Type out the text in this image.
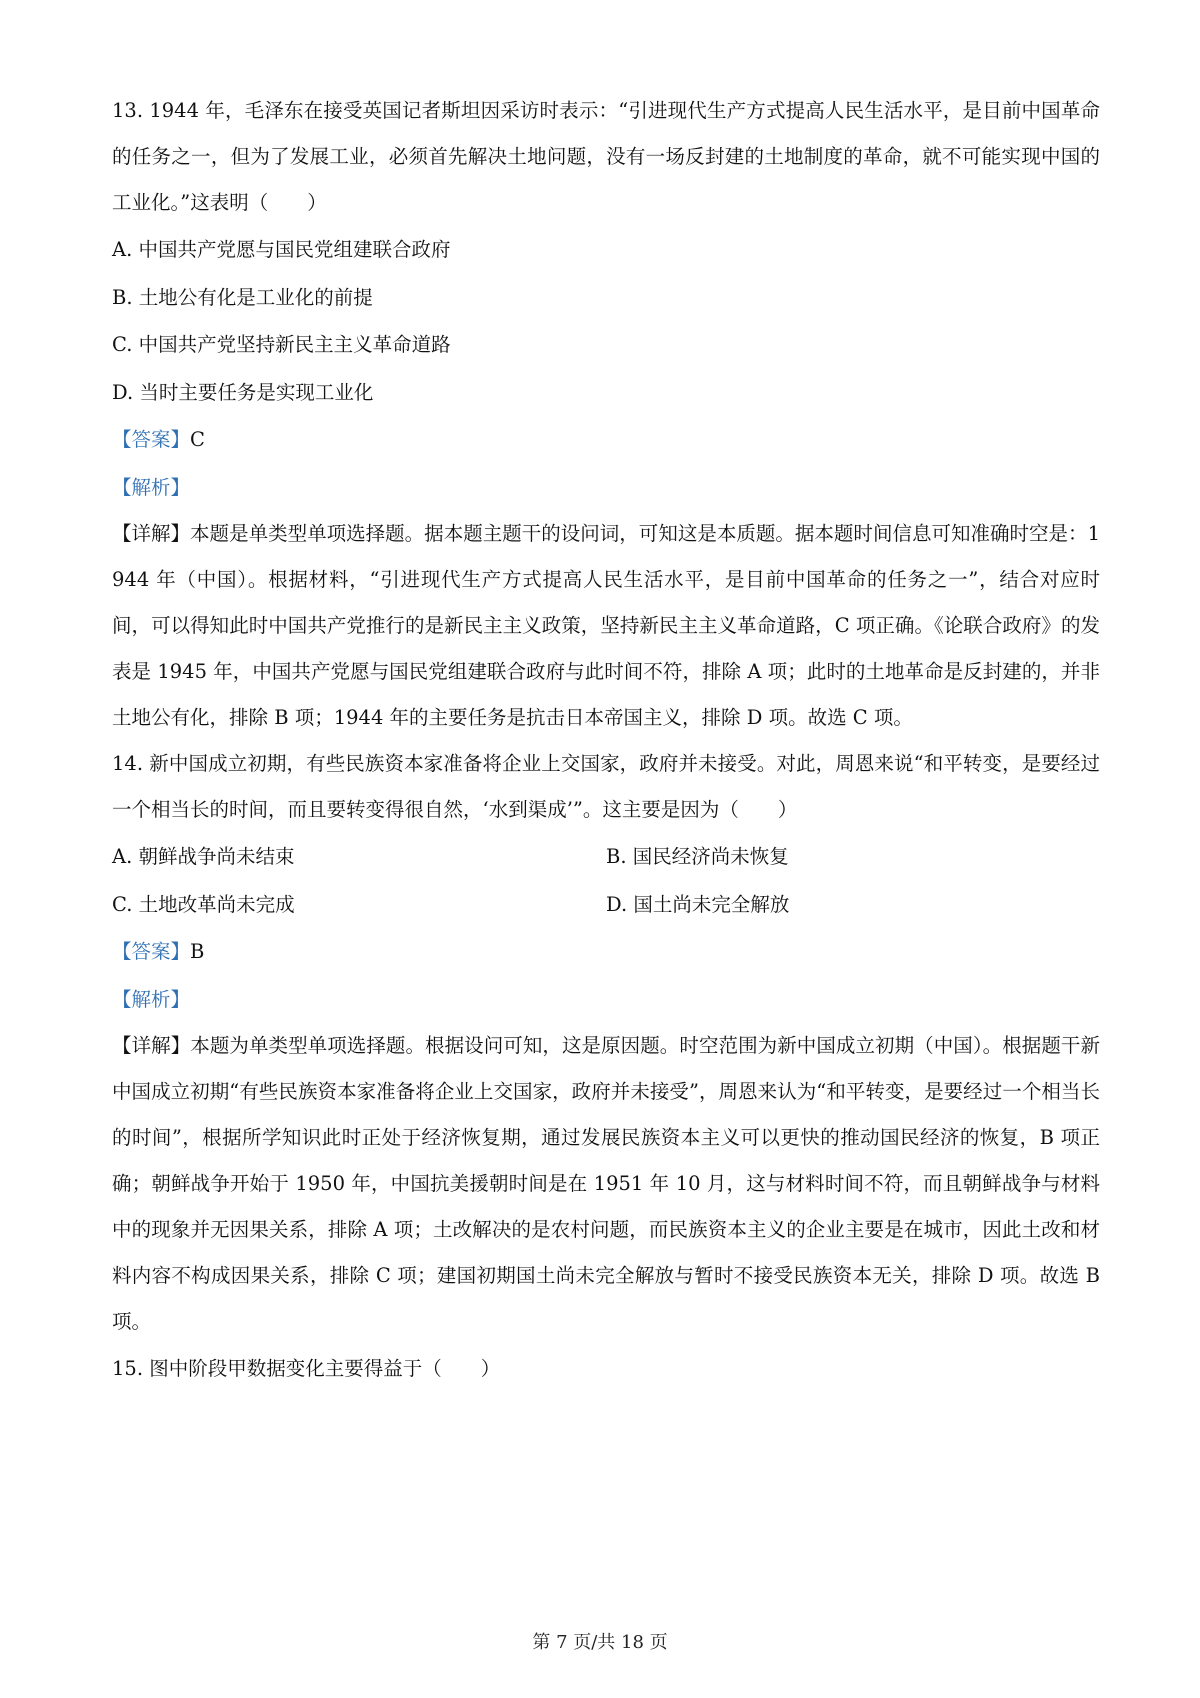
13. 1944 年，毛泽东在接受英国记者斯坦因采访时表示：“引进现代生产方式提高人民生活水平，是目前中国革命的任务之一，但为了发展工业，必须首先解决土地问题，没有一场反封建的土地制度的革命，就不可能实现中国的工业化。”这表明（　　）

A. 中国共产党愿与国民党组建联合政府

B. 土地公有化是工业化的前提

C. 中国共产党坚持新民主主义革命道路

D. 当时主要任务是实现工业化

【答案】C

【解析】

【详解】本题是单类型单项选择题。据本题主题干的设问词，可知这是本质题。据本题时间信息可知准确时空是：1944 年（中国）。根据材料，“引进现代生产方式提高人民生活水平，是目前中国革命的任务之一”，结合对应时间，可以得知此时中国共产党推行的是新民主主义政策，坚持新民主主义革命道路，C 项正确。《论联合政府》的发表是 1945 年，中国共产党愿与国民党组建联合政府与此时间不符，排除 A 项；此时的土地革命是反封建的，并非土地公有化，排除 B 项；1944 年的主要任务是抗击日本帝国主义，排除 D 项。故选 C 项。

14. 新中国成立初期，有些民族资本家准备将企业上交国家，政府并未接受。对此，周恩来说“和平转变，是要经过一个相当长的时间，而且要转变得很自然，‘水到渠成’”。这主要是因为（　　）

A. 朝鲜战争尚未结束	B. 国民经济尚未恢复

C. 土地改革尚未完成	D. 国土尚未完全解放

【答案】B

【解析】

【详解】本题为单类型单项选择题。根据设问可知，这是原因题。时空范围为新中国成立初期（中国）。根据题干新中国成立初期“有些民族资本家准备将企业上交国家，政府并未接受”，周恩来认为“和平转变，是要经过一个相当长的时间”，根据所学知识此时正处于经济恢复期，通过发展民族资本主义可以更快的推动国民经济的恢复，B 项正确；朝鲜战争开始于 1950 年，中国抗美援朝时间是在 1951 年 10 月，这与材料时间不符，而且朝鲜战争与材料中的现象并无因果关系，排除 A 项；土改解决的是农村问题，而民族资本主义的企业主要是在城市，因此土改和材料内容不构成因果关系，排除 C 项；建国初期国土尚未完全解放与暂时不接受民族资本无关，排除 D 项。故选 B 项。

15. 图中阶段甲数据变化主要得益于（　　）

第 7 页/共 18 页
